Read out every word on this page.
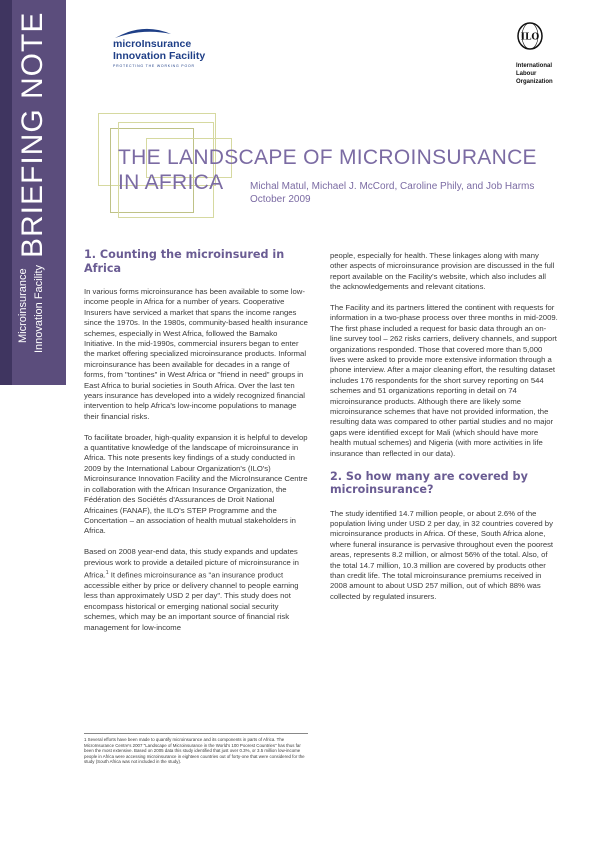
BRIEFING NOTE
Microinsurance Innovation Facility
microInsurance
Innovation Facility
PROTECTING THE WORKING POOR
ILO
International
Labour
Organization
THE LANDSCAPE OF MICROINSURANCE
IN AFRICA	Michal Matul, Michael J. McCord, Caroline Phily, and Job Harms
October 2009
1. Counting the microinsured in Africa

In various forms microinsurance has been available to some low-income people in Africa for a number of years. Cooperative Insurers have serviced a market that spans the income ranges since the 1970s. In the 1980s, community-based health insurance schemes, especially in West Africa, followed the Bamako Initiative. In the mid-1990s, commercial insurers began to enter the market offering specialized microinsurance products. Informal microinsurance has been available for decades in a range of forms, from "tontines" in West Africa or "friend in need" groups in East Africa to burial societies in South Africa. Over the last ten years insurance has developed into a widely recognized financial intervention to help Africa's low-income populations to manage their financial risks.

To facilitate broader, high-quality expansion it is helpful to develop a quantitative knowledge of the landscape of microinsurance in Africa. This note presents key findings of a study conducted in 2009 by the International Labour Organization's (ILO's) Microinsurance Innovation Facility and the MicroInsurance Centre in collaboration with the African Insurance Organization, the Fédération des Sociétés d'Assurances de Droit National Africaines (FANAF), the ILO's STEP Programme and the Concertation – an association of health mutual stakeholders in Africa.

Based on 2008 year-end data, this study expands and updates previous work to provide a detailed picture of microinsurance in Africa.$^1$ It defines microinsurance as "an insurance product accessible either by price or delivery channel to people earning less than approximately USD 2 per day". This study does not encompass historical or emerging national social security schemes, which may be an important source of financial risk management for low-income

1 Several efforts have been made to quantify microinsurance and its components in parts of Africa. The MicroInsurance Centre's 2007 "Landscape of Microinsurance in the World's 100 Poorest Countries" has thus far been the most extensive. Based on 2005 data this study identified that just over 0.3%, or 3.5 million low-income people in Africa were accessing microinsurance in eighteen countries out of forty-one that were considered for the study (South Africa was not included in the study).

people, especially for health. These linkages along with many other aspects of microinsurance provision are discussed in the full report available on the Facility's website, which also includes all the acknowledgements and relevant citations.

The Facility and its partners littered the continent with requests for information in a two-phase process over three months in mid-2009. The first phase included a request for basic data through an on-line survey tool – 262 risks carriers, delivery channels, and support organizations responded. Those that covered more than 5,000 lives were asked to provide more extensive information through a phone interview. After a major cleaning effort, the resulting dataset includes 176 respondents for the short survey reporting on 544 schemes and 51 organizations reporting in detail on 74 microinsurance products. Although there are likely some microinsurance schemes that have not provided information, the resulting data was compared to other partial studies and no major gaps were identified except for Mali (which should have more health mutual schemes) and Nigeria (with more activities in life insurance than reflected in our data).

2. So how many are covered by microinsurance?

The study identified 14.7 million people, or about 2.6% of the population living under USD 2 per day, in 32 countries covered by microinsurance products in Africa. Of these, South Africa alone, where funeral insurance is pervasive throughout even the poorest areas, represents 8.2 million, or almost 56% of the total. Also, of the total 14.7 million, 10.3 million are covered by products other than credit life. The total microinsurance premiums received in 2008 amount to about USD 257 million, out of which 88% was collected by regulated insurers.
